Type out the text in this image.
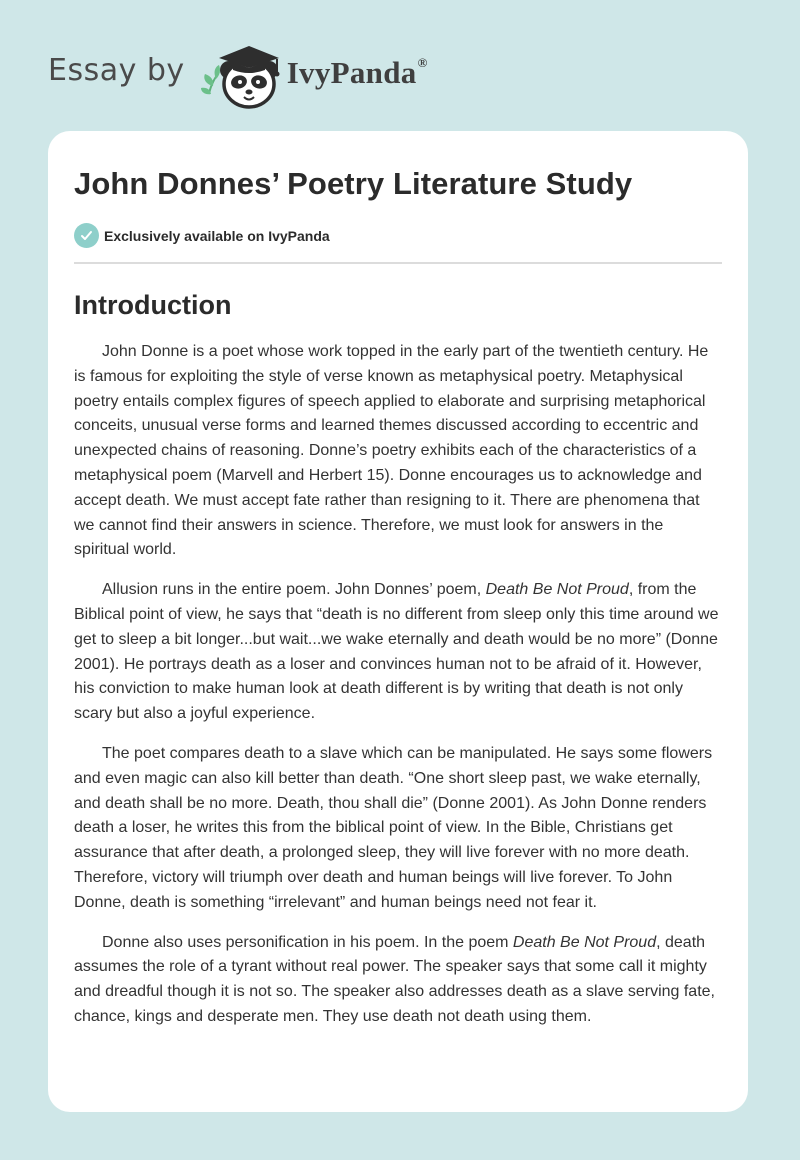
Essay by	IvyPanda®
John Donnes’ Poetry Literature Study
Exclusively available on IvyPanda
Introduction

John Donne is a poet whose work topped in the early part of the twentieth century. He is famous for exploiting the style of verse known as metaphysical poetry. Metaphysical poetry entails complex figures of speech applied to elaborate and surprising metaphorical conceits, unusual verse forms and learned themes discussed according to eccentric and unexpected chains of reasoning. Donne’s poetry exhibits each of the characteristics of a metaphysical poem (Marvell and Herbert 15). Donne encourages us to acknowledge and accept death. We must accept fate rather than resigning to it. There are phenomena that we cannot find their answers in science. Therefore, we must look for answers in the spiritual world.

Allusion runs in the entire poem. John Donnes’ poem, Death Be Not Proud, from the Biblical point of view, he says that “death is no different from sleep only this time around we get to sleep a bit longer...but wait...we wake eternally and death would be no more” (Donne 2001). He portrays death as a loser and convinces human not to be afraid of it. However, his conviction to make human look at death different is by writing that death is not only scary but also a joyful experience.

The poet compares death to a slave which can be manipulated. He says some flowers and even magic can also kill better than death. “One short sleep past, we wake eternally, and death shall be no more. Death, thou shall die” (Donne 2001). As John Donne renders death a loser, he writes this from the biblical point of view. In the Bible, Christians get assurance that after death, a prolonged sleep, they will live forever with no more death. Therefore, victory will triumph over death and human beings will live forever. To John Donne, death is something “irrelevant” and human beings need not fear it.

Donne also uses personification in his poem. In the poem Death Be Not Proud, death assumes the role of a tyrant without real power. The speaker says that some call it mighty and dreadful though it is not so. The speaker also addresses death as a slave serving fate, chance, kings and desperate men. They use death not death using them.
